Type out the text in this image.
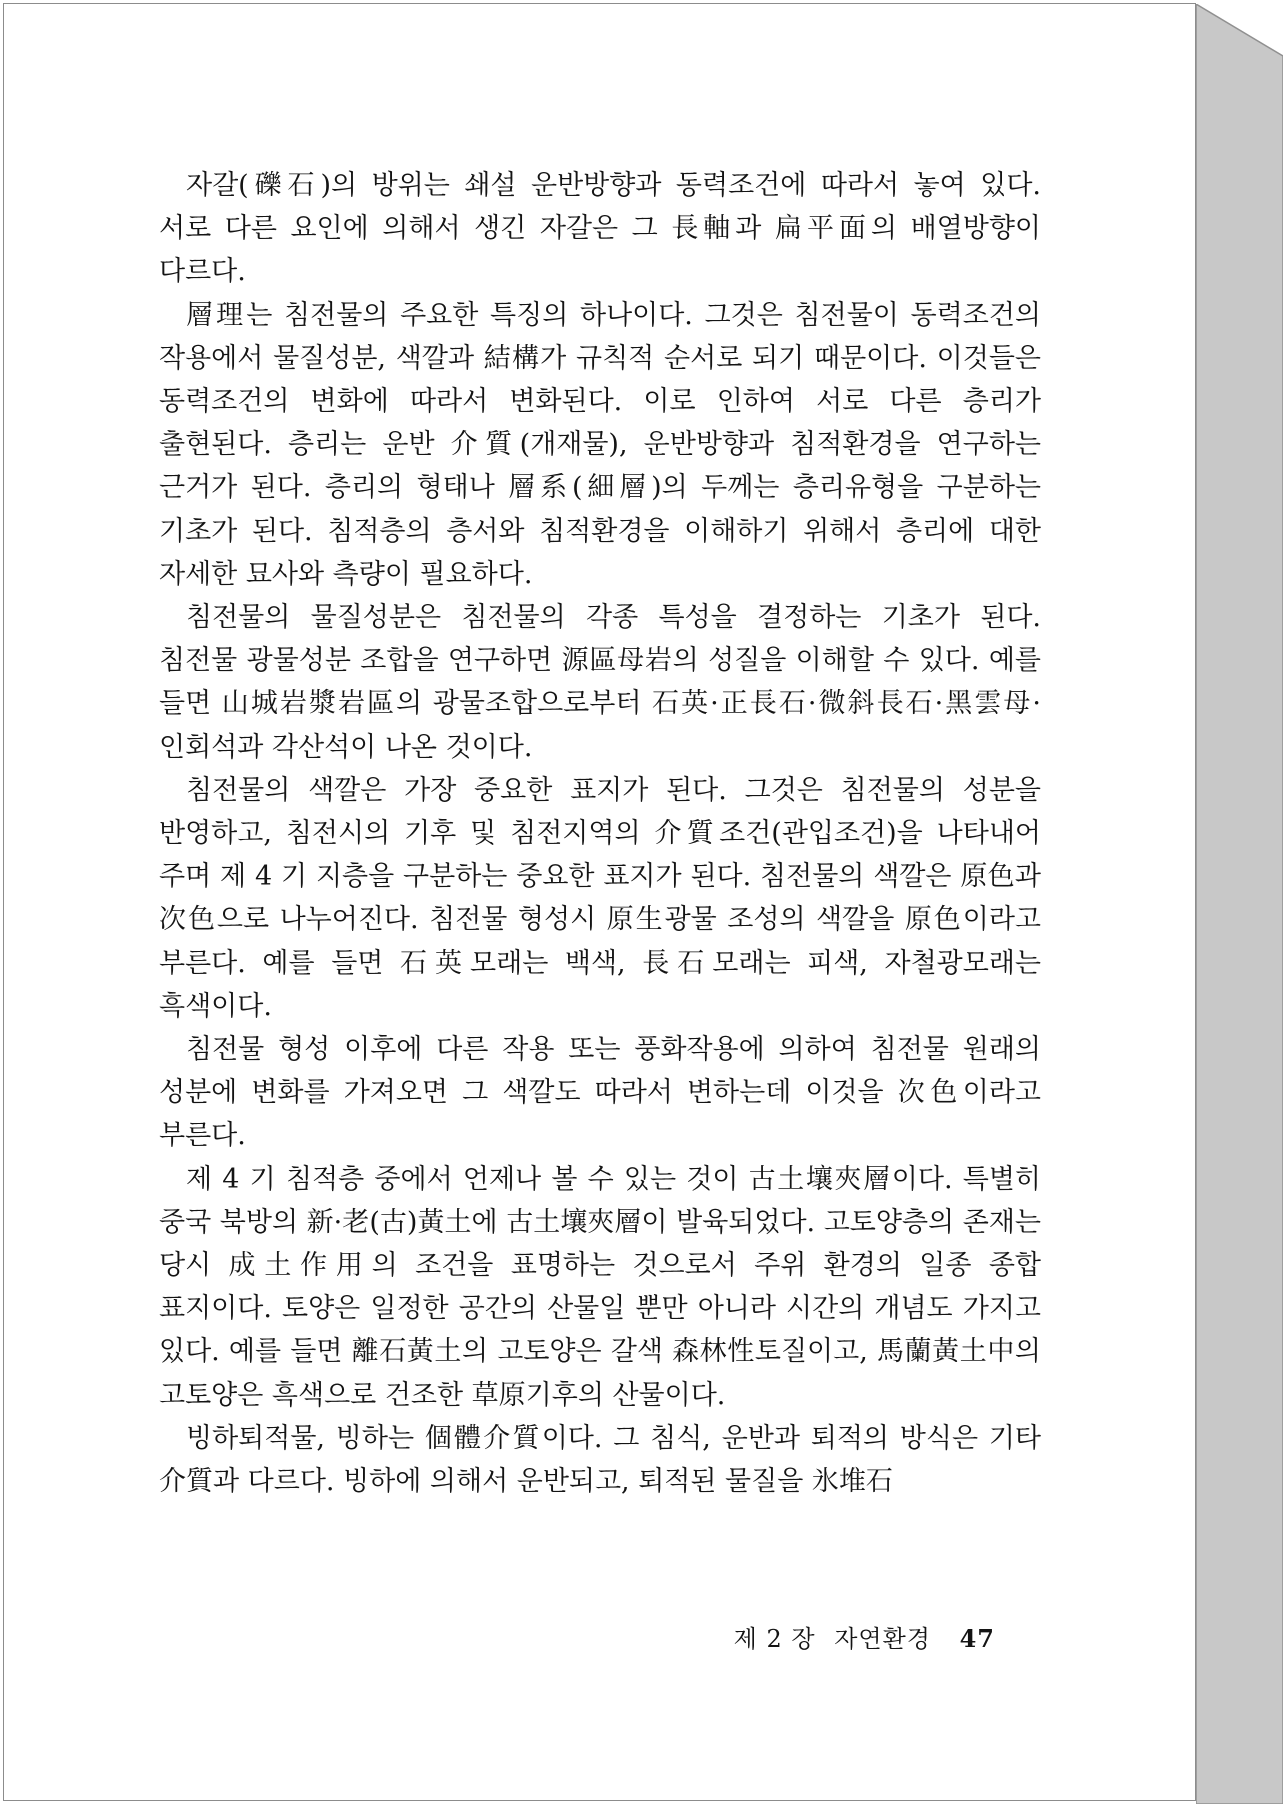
자갈(礫石)의 방위는 쇄설 운반방향과 동력조건에 따라서 놓여 있다. 서로 다른 요인에 의해서 생긴 자갈은 그 長軸과 扁平面의 배열방향이 다르다.

層理는 침전물의 주요한 특징의 하나이다. 그것은 침전물이 동력조건의 작용에서 물질성분, 색깔과 結構가 규칙적 순서로 되기 때문이다. 이것들은 동력조건의 변화에 따라서 변화된다. 이로 인하여 서로 다른 층리가 출현된다. 층리는 운반 介質(개재물), 운반방향과 침적환경을 연구하는 근거가 된다. 층리의 형태나 層系(細層)의 두께는 층리유형을 구분하는 기초가 된다. 침적층의 층서와 침적환경을 이해하기 위해서 층리에 대한 자세한 묘사와 측량이 필요하다.

침전물의 물질성분은 침전물의 각종 특성을 결정하는 기초가 된다. 침전물 광물성분 조합을 연구하면 源區母岩의 성질을 이해할 수 있다. 예를 들면 山城岩漿岩區의 광물조합으로부터 石英·正長石·微斜長石·黑雲母·인회석과 각산석이 나온 것이다.

침전물의 색깔은 가장 중요한 표지가 된다. 그것은 침전물의 성분을 반영하고, 침전시의 기후 및 침전지역의 介質조건(관입조건)을 나타내어 주며 제 4 기 지층을 구분하는 중요한 표지가 된다. 침전물의 색깔은 原色과 次色으로 나누어진다. 침전물 형성시 原生광물 조성의 색깔을 原色이라고 부른다. 예를 들면 石英모래는 백색, 長石모래는 피색, 자철광모래는 흑색이다.

침전물 형성 이후에 다른 작용 또는 풍화작용에 의하여 침전물 원래의 성분에 변화를 가져오면 그 색깔도 따라서 변하는데 이것을 次色이라고 부른다.

제 4 기 침적층 중에서 언제나 볼 수 있는 것이 古土壤夾層이다. 특별히 중국 북방의 新·老(古)黃土에 古土壤夾層이 발육되었다. 고토양층의 존재는 당시 成土作用의 조건을 표명하는 것으로서 주위 환경의 일종 종합 표지이다. 토양은 일정한 공간의 산물일 뿐만 아니라 시간의 개념도 가지고 있다. 예를 들면 離石黃土의 고토양은 갈색 森林性토질이고, 馬蘭黃土中의 고토양은 흑색으로 건조한 草原기후의 산물이다.

빙하퇴적물, 빙하는 個體介質이다. 그 침식, 운반과 퇴적의 방식은 기타 介質과 다르다. 빙하에 의해서 운반되고, 퇴적된 물질을 氷堆石

제 2 장 자연환경 47
